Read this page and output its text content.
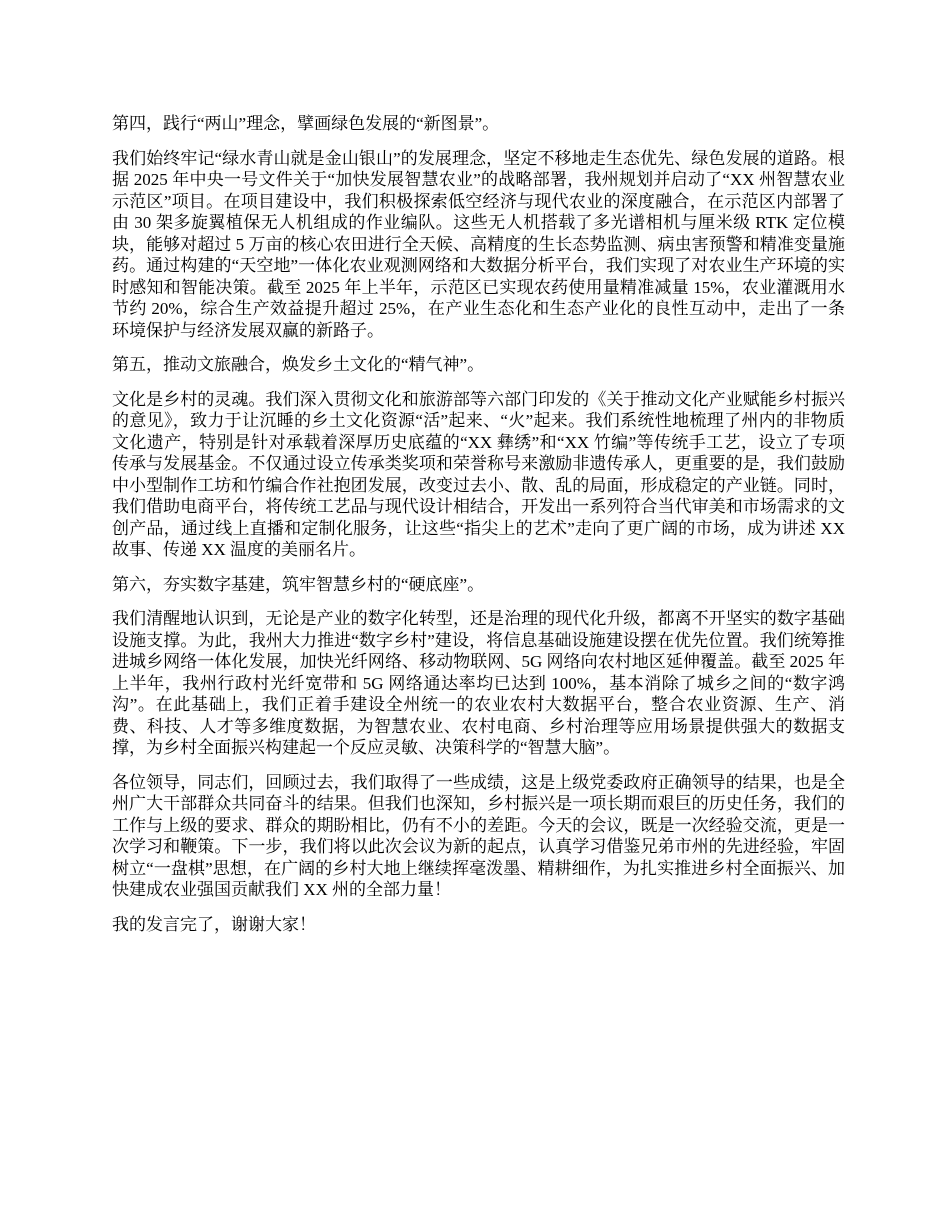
第四，践行“两山”理念，擘画绿色发展的“新图景”。

我们始终牢记“绿水青山就是金山银山”的发展理念，坚定不移地走生态优先、绿色发展的道路。根据 2025 年中央一号文件关于“加快发展智慧农业”的战略部署，我州规划并启动了“XX 州智慧农业示范区”项目。在项目建设中，我们积极探索低空经济与现代农业的深度融合，在示范区内部署了由 30 架多旋翼植保无人机组成的作业编队。这些无人机搭载了多光谱相机与厘米级 RTK 定位模块，能够对超过 5 万亩的核心农田进行全天候、高精度的生长态势监测、病虫害预警和精准变量施药。通过构建的“天空地”一体化农业观测网络和大数据分析平台，我们实现了对农业生产环境的实时感知和智能决策。截至 2025 年上半年，示范区已实现农药使用量精准减量 15%，农业灌溉用水节约 20%，综合生产效益提升超过 25%，在产业生态化和生态产业化的良性互动中，走出了一条环境保护与经济发展双赢的新路子。

第五，推动文旅融合，焕发乡土文化的“精气神”。

文化是乡村的灵魂。我们深入贯彻文化和旅游部等六部门印发的《关于推动文化产业赋能乡村振兴的意见》，致力于让沉睡的乡土文化资源“活”起来、“火”起来。我们系统性地梳理了州内的非物质文化遗产，特别是针对承载着深厚历史底蕴的“XX 彝绣”和“XX 竹编”等传统手工艺，设立了专项传承与发展基金。不仅通过设立传承类奖项和荣誉称号来激励非遗传承人，更重要的是，我们鼓励中小型制作工坊和竹编合作社抱团发展，改变过去小、散、乱的局面，形成稳定的产业链。同时，我们借助电商平台，将传统工艺品与现代设计相结合，开发出一系列符合当代审美和市场需求的文创产品，通过线上直播和定制化服务，让这些“指尖上的艺术”走向了更广阔的市场，成为讲述 XX 故事、传递 XX 温度的美丽名片。

第六，夯实数字基建，筑牢智慧乡村的“硬底座”。

我们清醒地认识到，无论是产业的数字化转型，还是治理的现代化升级，都离不开坚实的数字基础设施支撑。为此，我州大力推进“数字乡村”建设，将信息基础设施建设摆在优先位置。我们统筹推进城乡网络一体化发展，加快光纤网络、移动物联网、5G 网络向农村地区延伸覆盖。截至 2025 年上半年，我州行政村光纤宽带和 5G 网络通达率均已达到 100%，基本消除了城乡之间的“数字鸿沟”。在此基础上，我们正着手建设全州统一的农业农村大数据平台，整合农业资源、生产、消费、科技、人才等多维度数据，为智慧农业、农村电商、乡村治理等应用场景提供强大的数据支撑，为乡村全面振兴构建起一个反应灵敏、决策科学的“智慧大脑”。

各位领导，同志们，回顾过去，我们取得了一些成绩，这是上级党委政府正确领导的结果，也是全州广大干部群众共同奋斗的结果。但我们也深知，乡村振兴是一项长期而艰巨的历史任务，我们的工作与上级的要求、群众的期盼相比，仍有不小的差距。今天的会议，既是一次经验交流，更是一次学习和鞭策。下一步，我们将以此次会议为新的起点，认真学习借鉴兄弟市州的先进经验，牢固树立“一盘棋”思想，在广阔的乡村大地上继续挥毫泼墨、精耕细作，为扎实推进乡村全面振兴、加快建成农业强国贡献我们 XX 州的全部力量！

我的发言完了，谢谢大家！
